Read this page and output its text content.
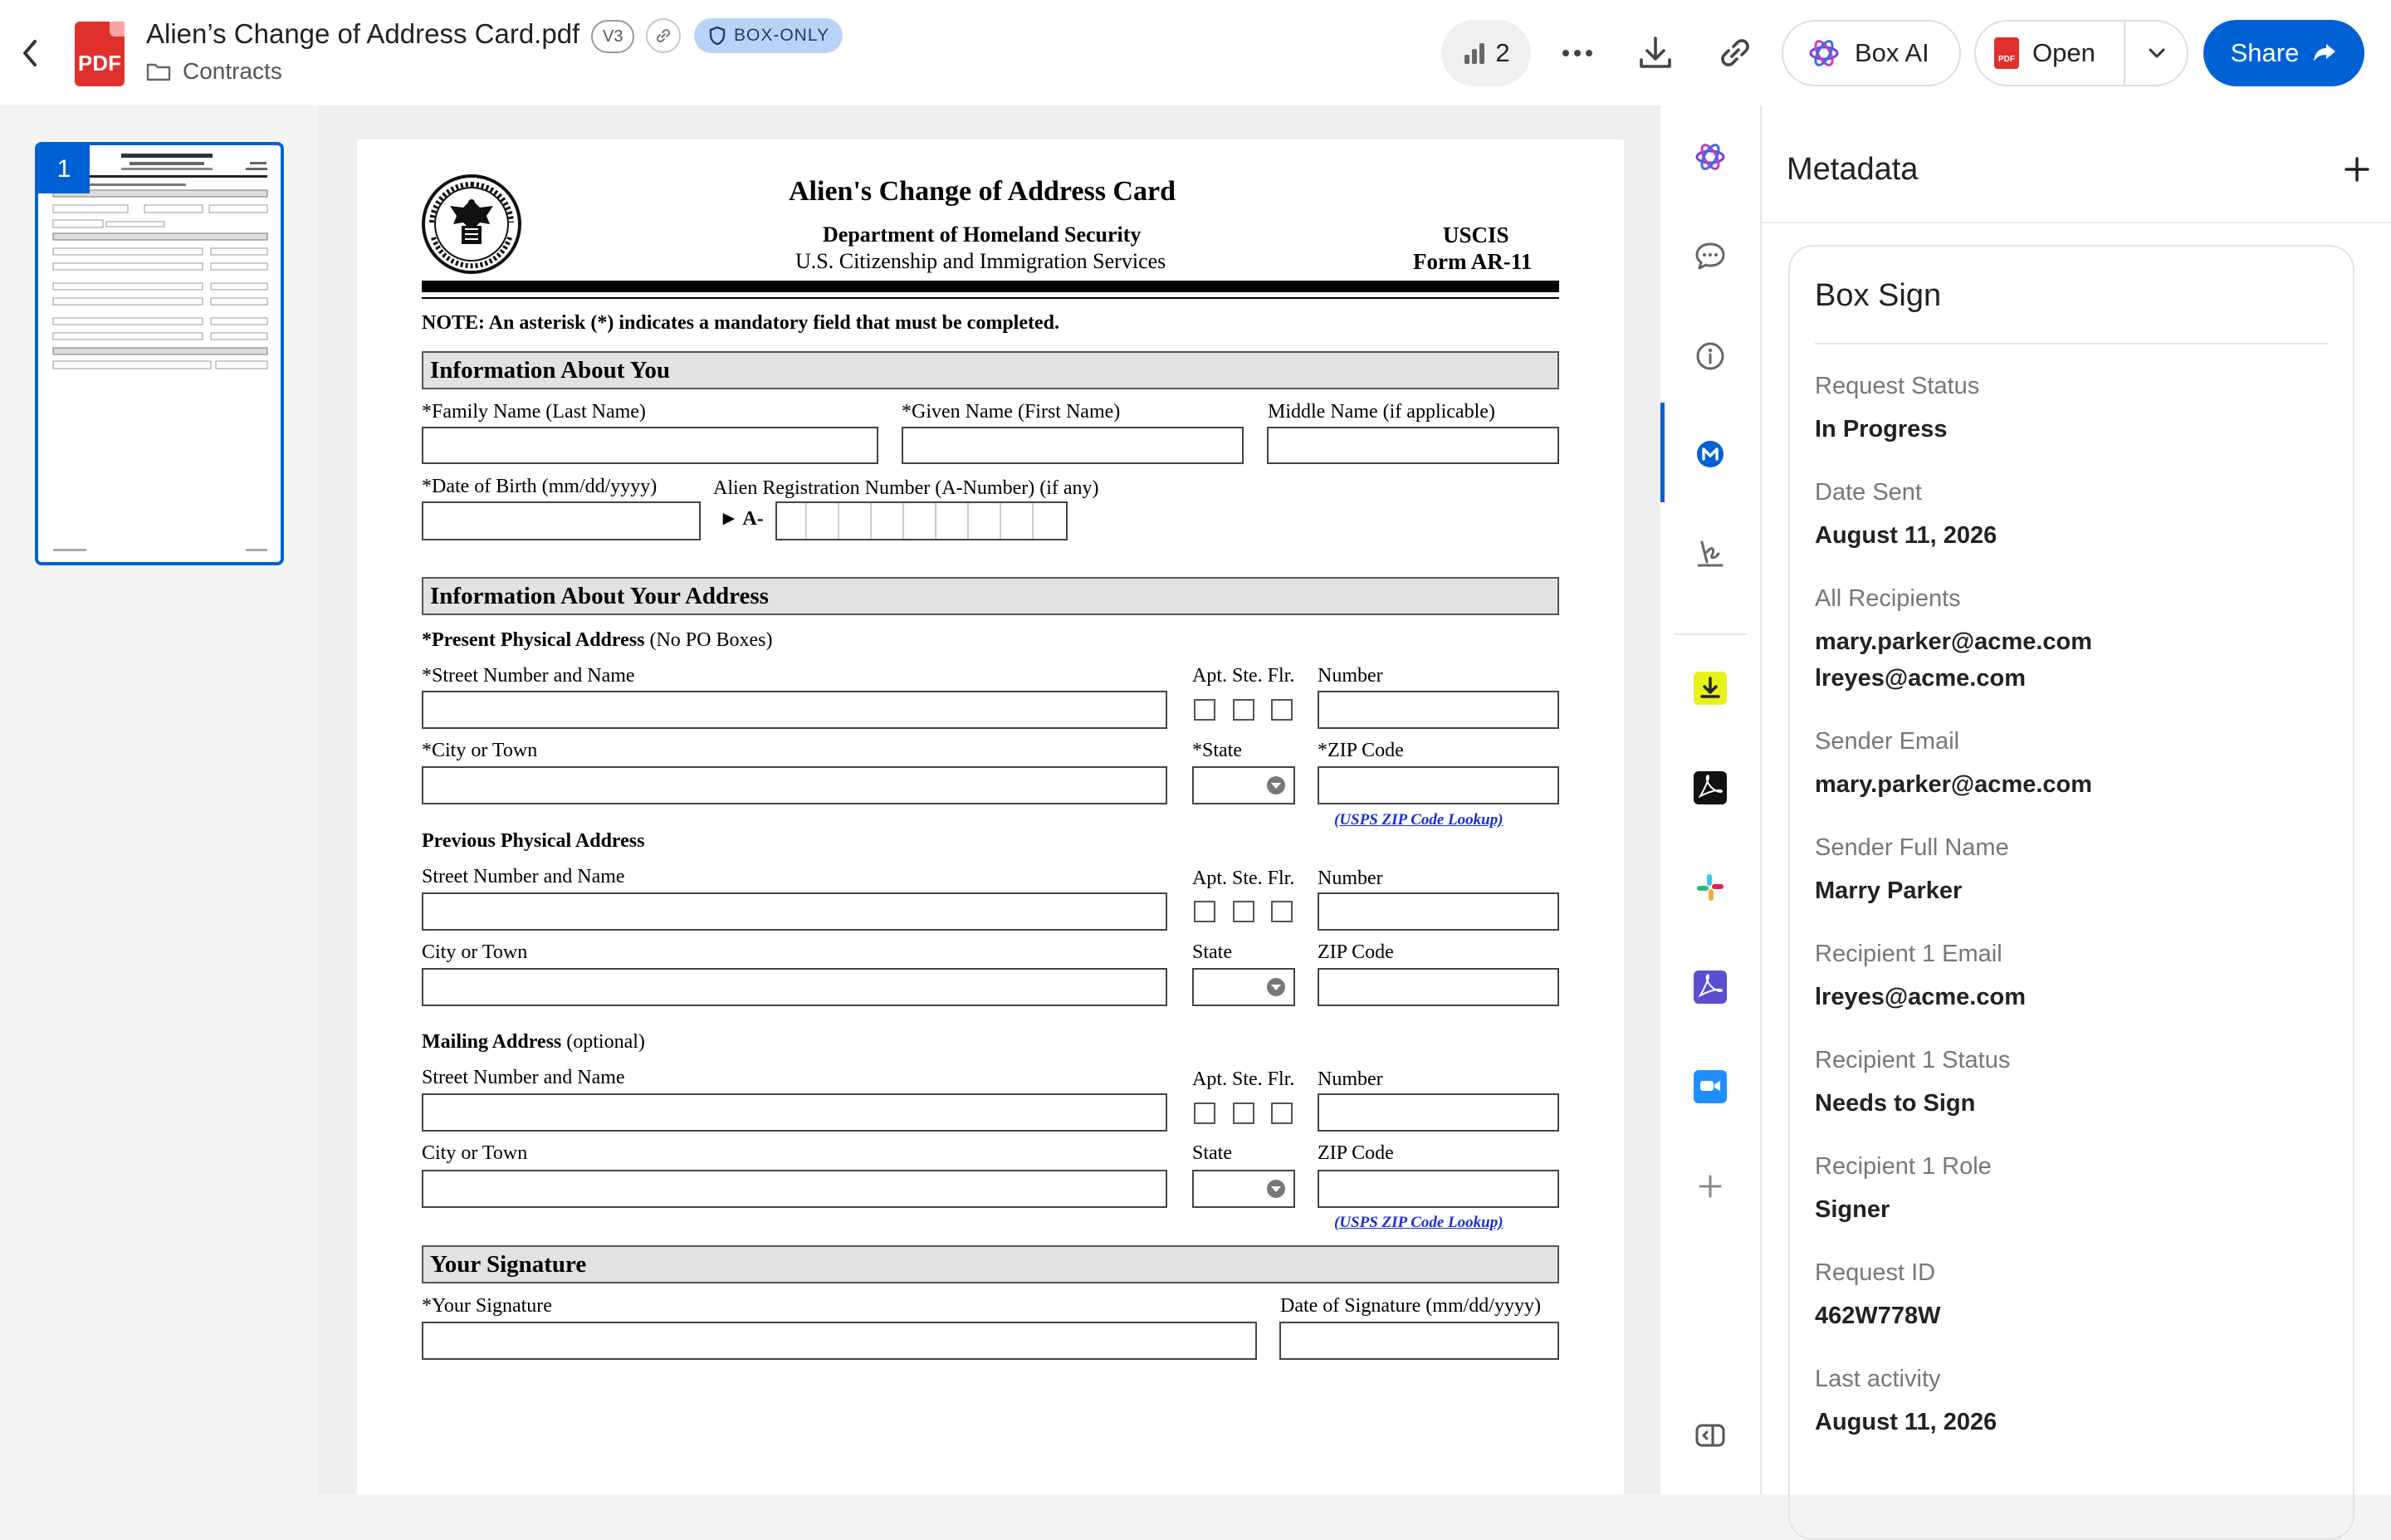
PDF
Alien’s Change of Address Card.pdf	V3	BOX-ONLY
Contracts
2	Box AI	PDF Open	Share
1
Alien's Change of Address Card
Department of Homeland Security
U.S. Citizenship and Immigration Services
USCIS
Form AR-11
NOTE: An asterisk (*) indicates a mandatory field that must be completed.
Information About You
*Family Name (Last Name)	*Given Name (First Name)	Middle Name (if applicable)
*Date of Birth (mm/dd/yyyy)	Alien Registration Number (A-Number) (if any)
► A-
Information About Your Address
*Present Physical Address (No PO Boxes)
*Street Number and Name	Apt. Ste. Flr. Number
*City or Town	*State	*ZIP Code
(USPS ZIP Code Lookup)
Previous Physical Address
Street Number and Name	Apt. Ste. Flr. Number
City or Town	State	ZIP Code
Mailing Address (optional)
Street Number and Name	Apt. Ste. Flr. Number
City or Town	State	ZIP Code
(USPS ZIP Code Lookup)
Your Signature
*Your Signature	Date of Signature (mm/dd/yyyy)
Metadata
Box Sign
Request Status
In Progress
Date Sent
August 11, 2026
All Recipients
mary.parker@acme.com
lreyes@acme.com
Sender Email
mary.parker@acme.com
Sender Full Name
Marry Parker
Recipient 1 Email
lreyes@acme.com
Recipient 1 Status
Needs to Sign
Recipient 1 Role
Signer
Request ID
462W778W
Last activity
August 11, 2026
